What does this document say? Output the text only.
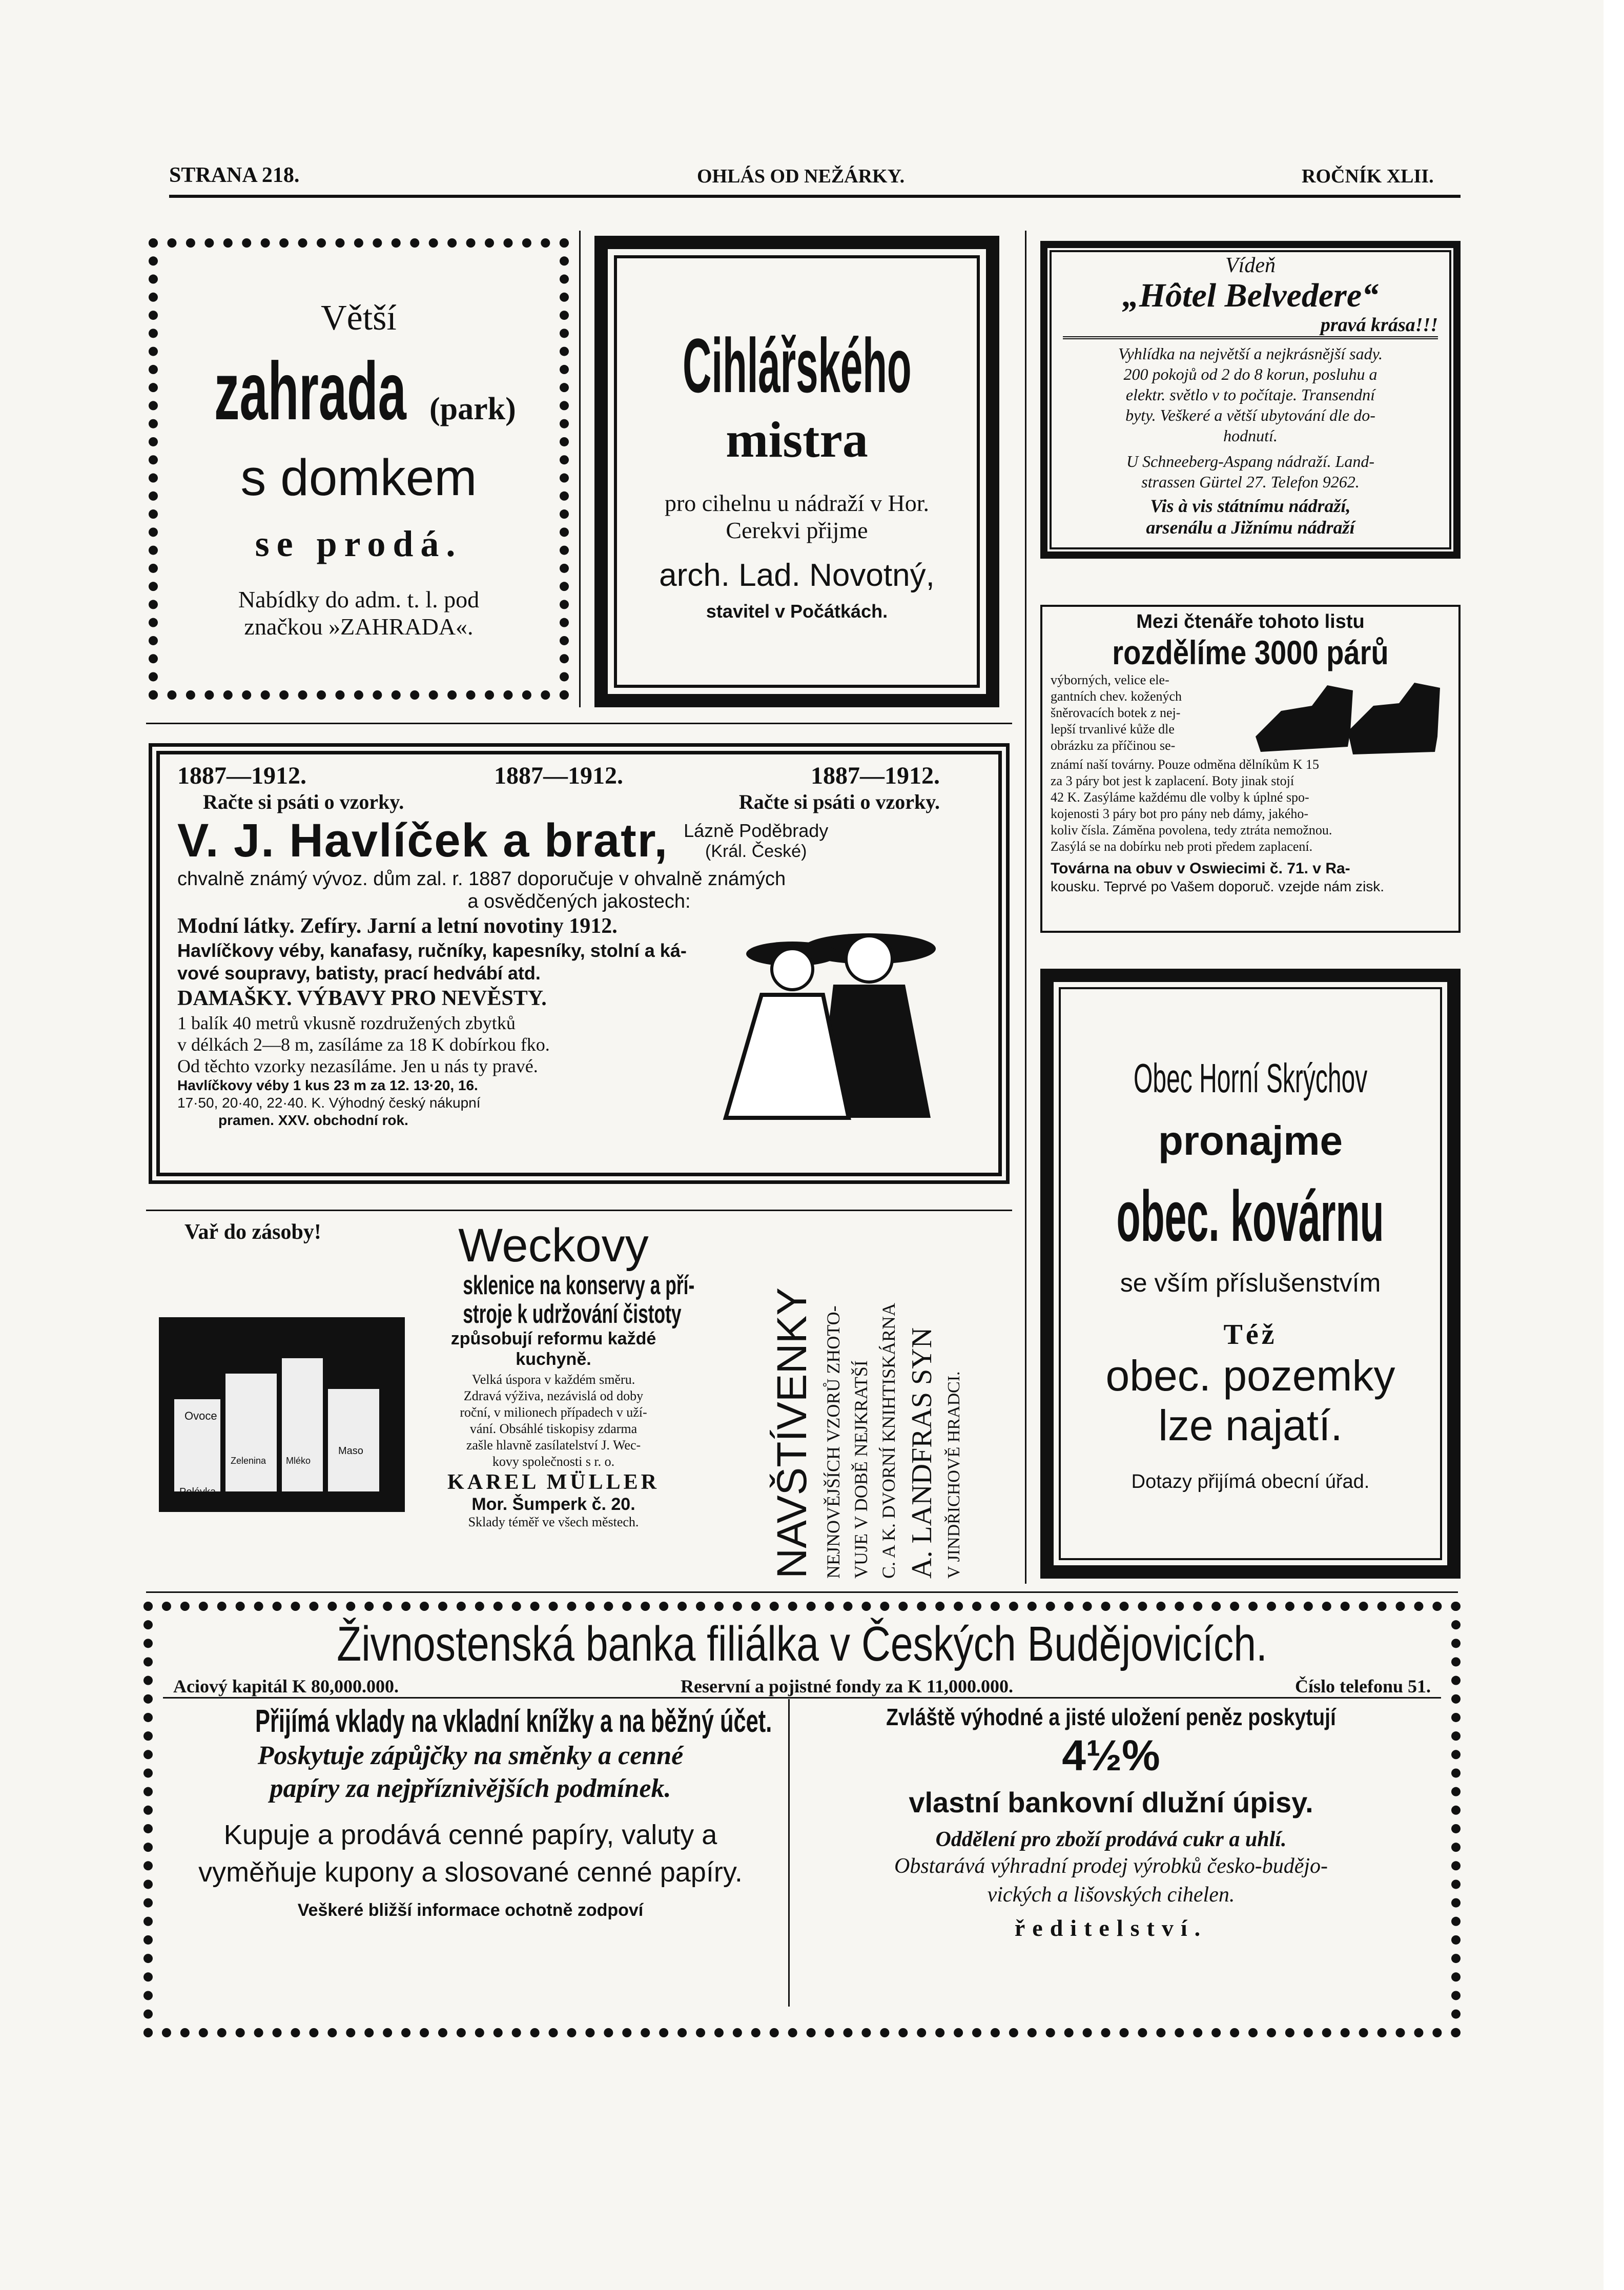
STRANA 218.	OHLÁS OD NEŽÁRKY.	ROČNÍK XLII.
Větší
zahrada (park)
s domkem
se prodá.
Nabídky do adm. t. l. pod
značkou »ZAHRADA«.
Cihlářského
mistra
pro cihelnu u nádraží v Hor.
Cerekvi přijme
arch. Lad. Novotný,
stavitel v Počátkách.
Vídeň
„Hôtel Belvedere“
pravá krása!!!
Vyhlídka na největší a nejkrásnější sady.
200 pokojů od 2 do 8 korun, posluhu a
elektr. světlo v to počítaje. Transendní
byty. Veškeré a větší ubytování dle do-
hodnutí.
U Schneeberg-Aspang nádraží. Land-
strassen Gürtel 27. Telefon 9262.
Vis à vis státnímu nádraží,
arsenálu a Jižnímu nádraží
Mezi čtenáře tohoto listu
rozdělíme 3000 párů
výborných, velice ele-
gantních chev. kožených
šněrovacích botek z nej-
lepší trvanlivé kůže dle
obrázku za příčinou se-
známí naší továrny. Pouze odměna dělníkům K 15
za 3 páry bot jest k zaplacení. Boty jinak stojí
42 K. Zasýláme každému dle volby k úplné spo-
kojenosti 3 páry bot pro pány neb dámy, jakého-
koliv čísla. Záměna povolena, tedy ztráta nemožnou.
Zasýlá se na dobírku neb proti předem zaplacení.
Továrna na obuv v Oswiecimi č. 71. v Ra-
kousku. Teprvé po Vašem doporuč. vzejde nám zisk.
1887—1912.	1887—1912.	1887—1912.
Račte si psáti o vzorky.	Račte si psáti o vzorky.
V. J. Havlíček a bratr, Lázně Poděbrady
(Král. České)
chvalně známý vývoz. dům zal. r. 1887 doporučuje v ohvalně známých
a osvědčených jakostech:
Modní látky. Zefíry. Jarní a letní novotiny 1912.
Havlíčkovy véby, kanafasy, ručníky, kapesníky, stolní a ká-
vové soupravy, batisty, prací hedvábí atd.
DAMAŠKY. VÝBAVY PRO NEVĚSTY.
1 balík 40 metrů vkusně rozdružených zbytků
v délkách 2—8 m, zasíláme za 18 K dobírkou fko.
Od těchto vzorky nezasíláme. Jen u nás ty pravé.
Havlíčkovy véby 1 kus 23 m za 12. 13·20, 16.
17·50, 20·40, 22·40. K. Výhodný český nákupní
pramen. XXV. obchodní rok.
Vař do zásoby!
Ovoce
Zelenina Mléko
Maso
Polévka
Weckovy
sklenice na konservy a pří-
stroje k udržování čistoty
způsobují reformu každé
kuchyně.
Velká úspora v každém směru.
Zdravá výživa, nezávislá od doby
roční, v milionech případech v uží-
vání. Obsáhlé tiskopisy zdarma
zašle hlavně zasílatelství J. Wec-
kovy společnosti s r. o.
KAREL MÜLLER
Mor. Šumperk č. 20.
Sklady téměř ve všech městech.	NAVŠTÍVENKY NEJNOVĚJŠÍCH VZORŮ ZHOTO- VUJE V DOBĚ NEJKRATŠÍ C. A K. DVORNÍ KNIHTISKÁRNA A. LANDFRAS SYN V JINDŘICHOVĚ HRADCI.
Obec Horní Skrýchov
pronajme
obec. kovárnu
se vším příslušenstvím
Též
obec. pozemky
lze najatí.
Dotazy přijímá obecní úřad.
Živnostenská banka filiálka v Českých Budějovicích.
Aciový kapitál K 80,000.000.	Reservní a pojistné fondy za K 11,000.000.	Číslo telefonu 51.
Přijímá vklady na vkladní knížky a na běžný účet.
Poskytuje zápůjčky na směnky a cenné
papíry za nejpříznivějších podmínek.
Kupuje a prodává cenné papíry, valuty a
vyměňuje kupony a slosované cenné papíry.
Veškeré bližší informace ochotně zodpoví
Zvláště výhodné a jisté uložení peněz poskytují
4½%
vlastní bankovní dlužní úpisy.
Oddělení pro zboží prodává cukr a uhlí.
Obstarává výhradní prodej výrobků česko-budějo-
vických a lišovských cihelen.
ředitelství.
